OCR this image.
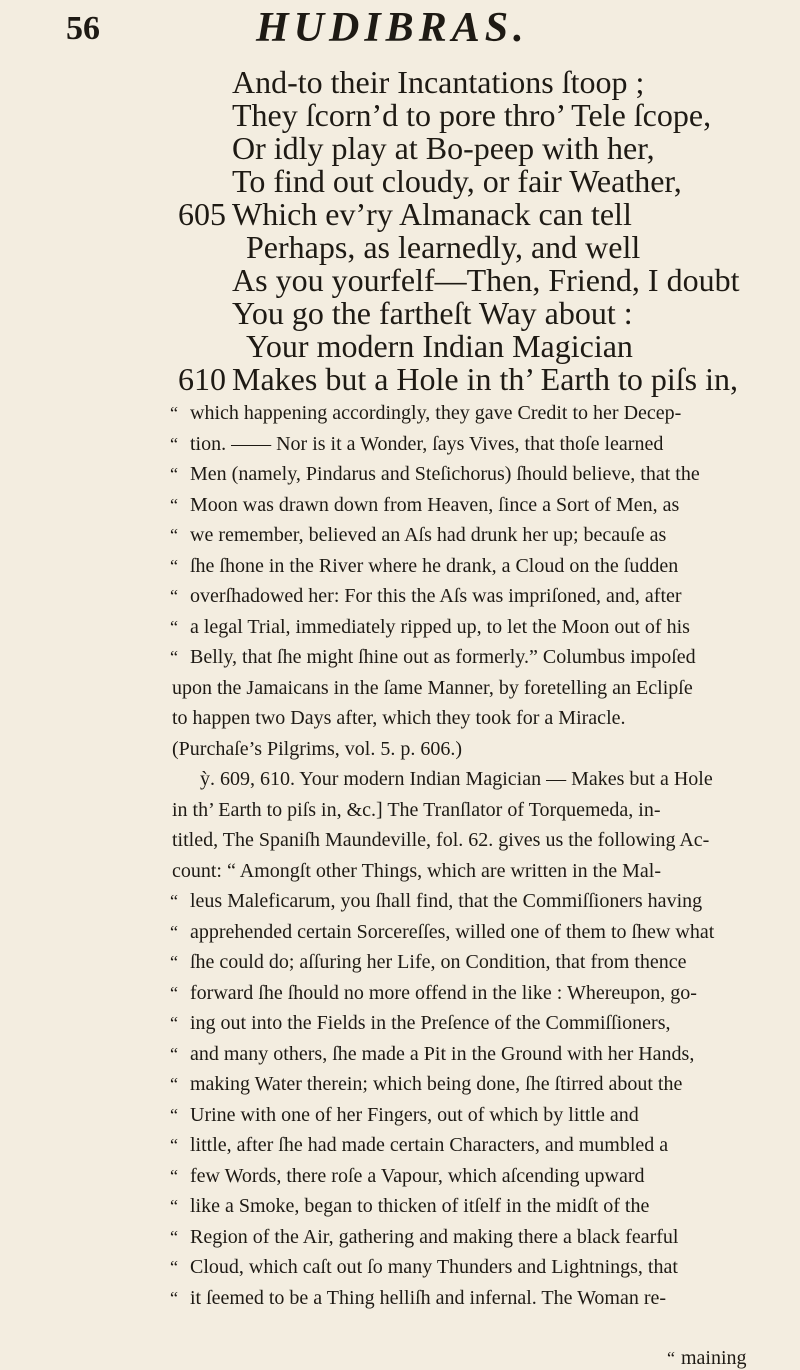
56	HUDIBRAS.
And-to their Incantations ſtoop ;
They ſcorn’d to pore thro’ Tele ſcope,
Or idly play at Bo-peep with her,
To find out cloudy, or fair Weather,
605 Which ev’ry Almanack can tell
Perhaps, as learnedly, and well
As you yourfelf—Then, Friend, I doubt
You go the fartheſt Way about :
Your modern Indian Magician
610 Makes but a Hole in th’ Earth to piſs in,
“ which happening accordingly, they gave Credit to her Decep-
“ tion. —— Nor is it a Wonder, ſays Vives, that thoſe learned
“ Men (namely, Pindarus and Steſichorus) ſhould believe, that the
“ Moon was drawn down from Heaven, ſince a Sort of Men, as
“ we remember, believed an Aſs had drunk her up; becauſe as
“ ſhe ſhone in the River where he drank, a Cloud on the ſudden
“ overſhadowed her: For this the Aſs was impriſoned, and, after
“ a legal Trial, immediately ripped up, to let the Moon out of his
“ Belly, that ſhe might ſhine out as formerly.” Columbus impoſed
upon the Jamaicans in the ſame Manner, by foretelling an Eclipſe
to happen two Days after, which they took for a Miracle.
(Purchaſe’s Pilgrims, vol. 5. p. 606.)
ỳ. 609, 610. Your modern Indian Magician — Makes but a Hole
in th’ Earth to piſs in, &c.] The Tranſlator of Torquemeda, in-
titled, The Spaniſh Maundeville, fol. 62. gives us the following Ac-
count: “ Amongſt other Things, which are written in the Mal-
“ leus Maleficarum, you ſhall find, that the Commiſſioners having
“ apprehended certain Sorcereſſes, willed one of them to ſhew what
“ ſhe could do; aſſuring her Life, on Condition, that from thence
“ forward ſhe ſhould no more offend in the like : Whereupon, go-
“ ing out into the Fields in the Preſence of the Commiſſioners,
“ and many others, ſhe made a Pit in the Ground with her Hands,
“ making Water therein; which being done, ſhe ſtirred about the
“ Urine with one of her Fingers, out of which by little and
“ little, after ſhe had made certain Characters, and mumbled a
“ few Words, there roſe a Vapour, which aſcending upward
“ like a Smoke, began to thicken of itſelf in the midſt of the
“ Region of the Air, gathering and making there a black fearful
“ Cloud, which caſt out ſo many Thunders and Lightnings, that
“ it ſeemed to be a Thing helliſh and infernal. The Woman re-
“ maining
